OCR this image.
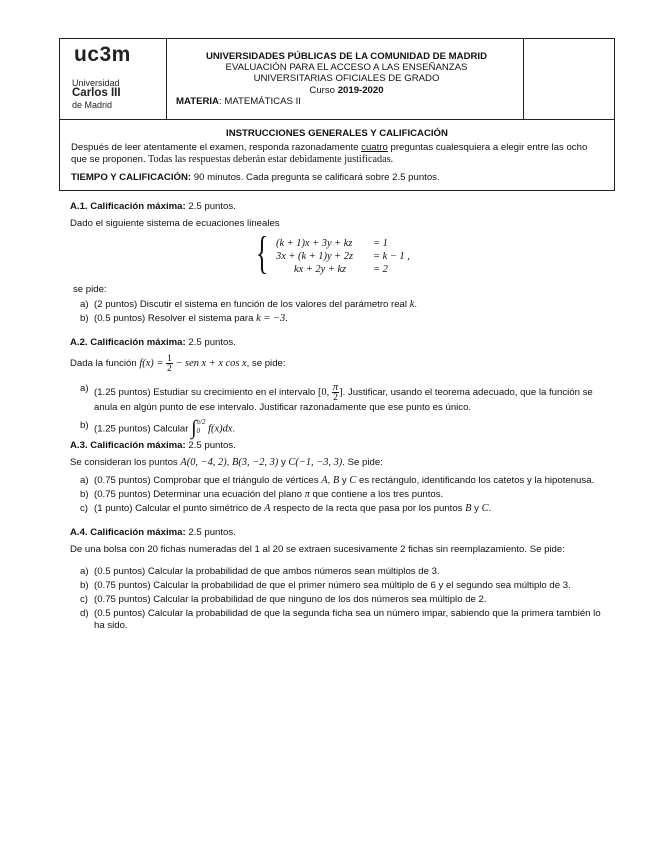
uc3m
Universidad
Carlos III
de Madrid
UNIVERSIDADES PÚBLICAS DE LA COMUNIDAD DE MADRID
EVALUACIÓN PARA EL ACCESO A LAS ENSEÑANZAS
UNIVERSITARIAS OFICIALES DE GRADO
Curso 2019-2020
MATERIA: MATEMÁTICAS II
INSTRUCCIONES GENERALES Y CALIFICACIÓN
Después de leer atentamente el examen, responda razonadamente cuatro preguntas cualesquiera a elegir entre las ocho que se proponen. Todas las respuestas deberán estar debidamente justificadas.
TIEMPO Y CALIFICACIÓN: 90 minutos. Cada pregunta se calificará sobre 2.5 puntos.
A.1. Calificación máxima: 2.5 puntos.
Dado el siguiente sistema de ecuaciones lineales
{ (k + 1)x + 3y + kz = 1
3x + (k + 1)y + 2z = k − 1 ,
kx + 2y + kz	= 2
se pide:
a) (2 puntos) Discutir el sistema en función de los valores del parámetro real k.
b) (0.5 puntos) Resolver el sistema para k = −3.
A.2. Calificación máxima: 2.5 puntos.
Dada la función $f(x) = \frac{1}{2}$ − sen x + x cos x, se pide:
a) (1.25 puntos) Estudiar su crecimiento en el intervalo [0, $\frac{\pi}{2}$ ]. Justificar, usando el teorema adecuado, que la función se anula en algún punto de ese intervalo. Justificar razonadamente que ese punto es único.
b) (1.25 puntos) Calcular ∫ π/2
0 f(x)dx.
A.3. Calificación máxima: 2.5 puntos.
Se consideran los puntos A(0, −4, 2), B(3, −2, 3) y C(−1, −3, 3). Se pide:
a) (0.75 puntos) Comprobar que el triángulo de vértices A, B y C es rectángulo, identificando los catetos y la hipotenusa.
b) (0.75 puntos) Determinar una ecuación del plano π que contiene a los tres puntos.
c) (1 punto) Calcular el punto simétrico de A respecto de la recta que pasa por los puntos B y C.
A.4. Calificación máxima: 2.5 puntos.
De una bolsa con 20 fichas numeradas del 1 al 20 se extraen sucesivamente 2 fichas sin reemplazamiento. Se pide:
a) (0.5 puntos) Calcular la probabilidad de que ambos números sean múltiplos de 3.
b) (0.75 puntos) Calcular la probabilidad de que el primer número sea múltiplo de 6 y el segundo sea múltiplo de 3.
c) (0.75 puntos) Calcular la probabilidad de que ninguno de los dos números sea múltiplo de 2.
d) (0.5 puntos) Calcular la probabilidad de que la segunda ficha sea un número impar, sabiendo que la primera también lo ha sido.
